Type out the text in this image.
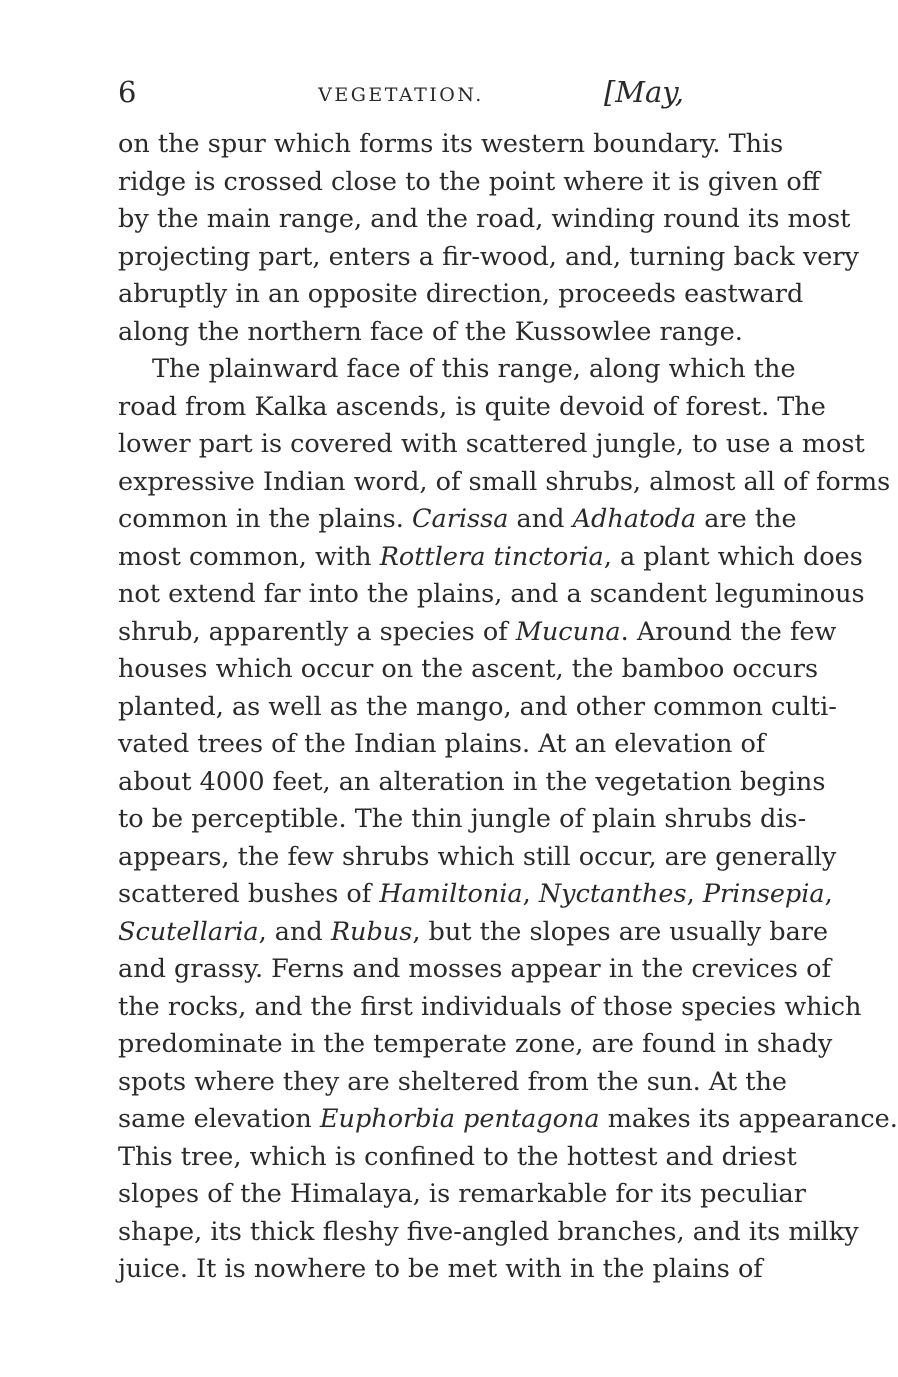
6	VEGETATION.	[May,
on the spur which forms its western boundary. This
ridge is crossed close to the point where it is given off
by the main range, and the road, winding round its most
projecting part, enters a fir-wood, and, turning back very
abruptly in an opposite direction, proceeds eastward
along the northern face of the Kussowlee range.
The plainward face of this range, along which the
road from Kalka ascends, is quite devoid of forest. The
lower part is covered with scattered jungle, to use a most
expressive Indian word, of small shrubs, almost all of forms
common in the plains. Carissa and Adhatoda are the
most common, with Rottlera tinctoria, a plant which does
not extend far into the plains, and a scandent leguminous
shrub, apparently a species of Mucuna. Around the few
houses which occur on the ascent, the bamboo occurs
planted, as well as the mango, and other common culti-
vated trees of the Indian plains. At an elevation of
about 4000 feet, an alteration in the vegetation begins
to be perceptible. The thin jungle of plain shrubs dis-
appears, the few shrubs which still occur, are generally
scattered bushes of Hamiltonia, Nyctanthes, Prinsepia,
Scutellaria, and Rubus, but the slopes are usually bare
and grassy. Ferns and mosses appear in the crevices of
the rocks, and the first individuals of those species which
predominate in the temperate zone, are found in shady
spots where they are sheltered from the sun. At the
same elevation Euphorbia pentagona makes its appearance.
This tree, which is confined to the hottest and driest
slopes of the Himalaya, is remarkable for its peculiar
shape, its thick fleshy five-angled branches, and its milky
juice. It is nowhere to be met with in the plains of
